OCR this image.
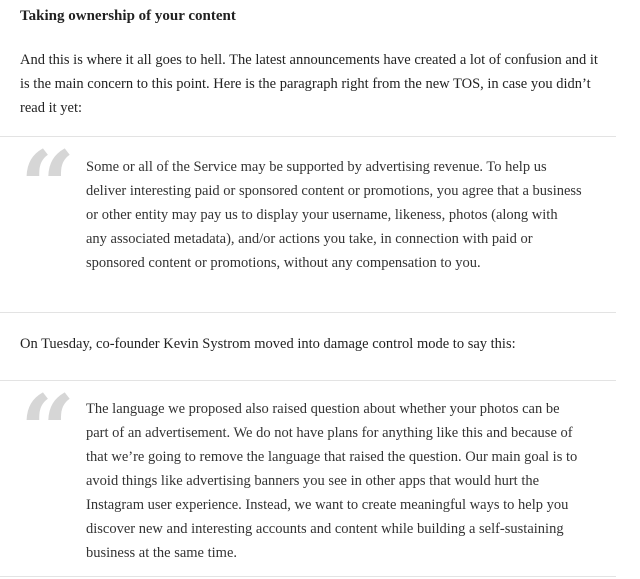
Taking ownership of your content

And this is where it all goes to hell. The latest announcements have created a lot of confusion and it is the main concern to this point. Here is the paragraph right from the new TOS, in case you didn’t read it yet:

“ Some or all of the Service may be supported by advertising revenue. To help us deliver interesting paid or sponsored content or promotions, you agree that a business or other entity may pay us to display your username, likeness, photos (along with any associated metadata), and/or actions you take, in connection with paid or sponsored content or promotions, without any compensation to you.

On Tuesday, co-founder Kevin Systrom moved into damage control mode to say this:

“ The language we proposed also raised question about whether your photos can be part of an advertisement. We do not have plans for anything like this and because of that we’re going to remove the language that raised the question. Our main goal is to avoid things like advertising banners you see in other apps that would hurt the Instagram user experience. Instead, we want to create meaningful ways to help you discover new and interesting accounts and content while building a self-sustaining business at the same time.
